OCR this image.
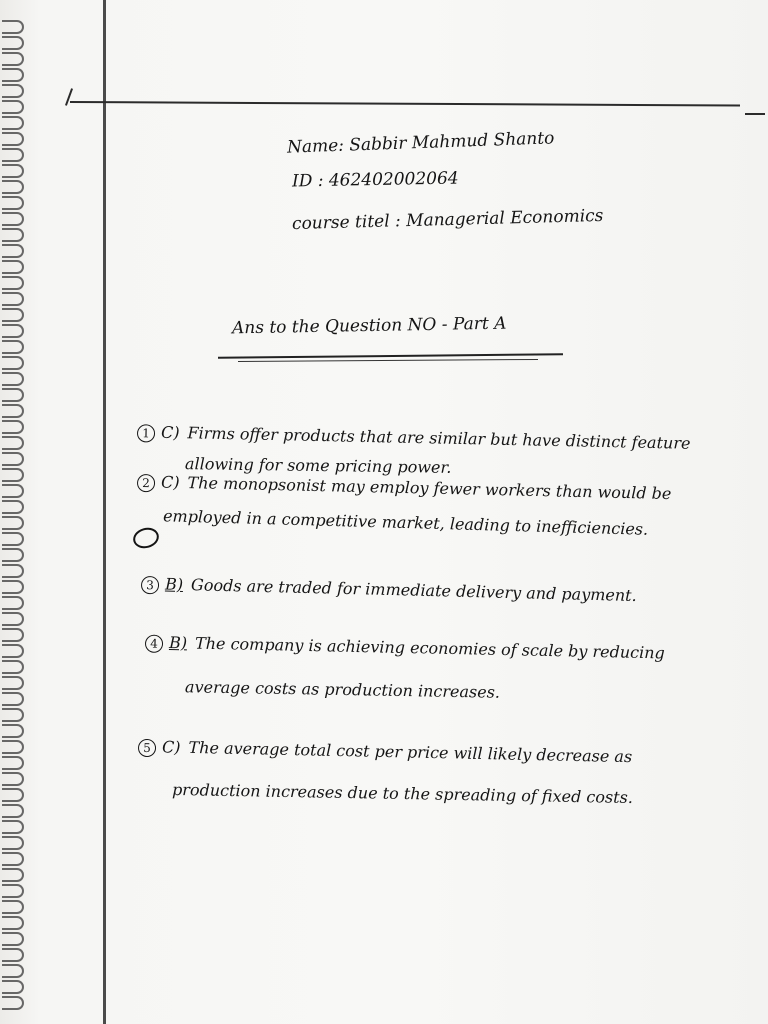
Name: Sabbir Mahmud Shanto
ID : 462402002064
course titel : Managerial Economics
Ans to the Question NO - Part A
1 C) Firms offer products that are similar but have distinct feature
allowing for some pricing power.
2 C) The monopsonist may employ fewer workers than would be
employed in a competitive market, leading to inefficiencies.
3 B) Goods are traded for immediate delivery and payment.
4 B) The company is achieving economies of scale by reducing
average costs as production increases.
5 C) The average total cost per price will likely decrease as
production increases due to the spreading of fixed costs.
